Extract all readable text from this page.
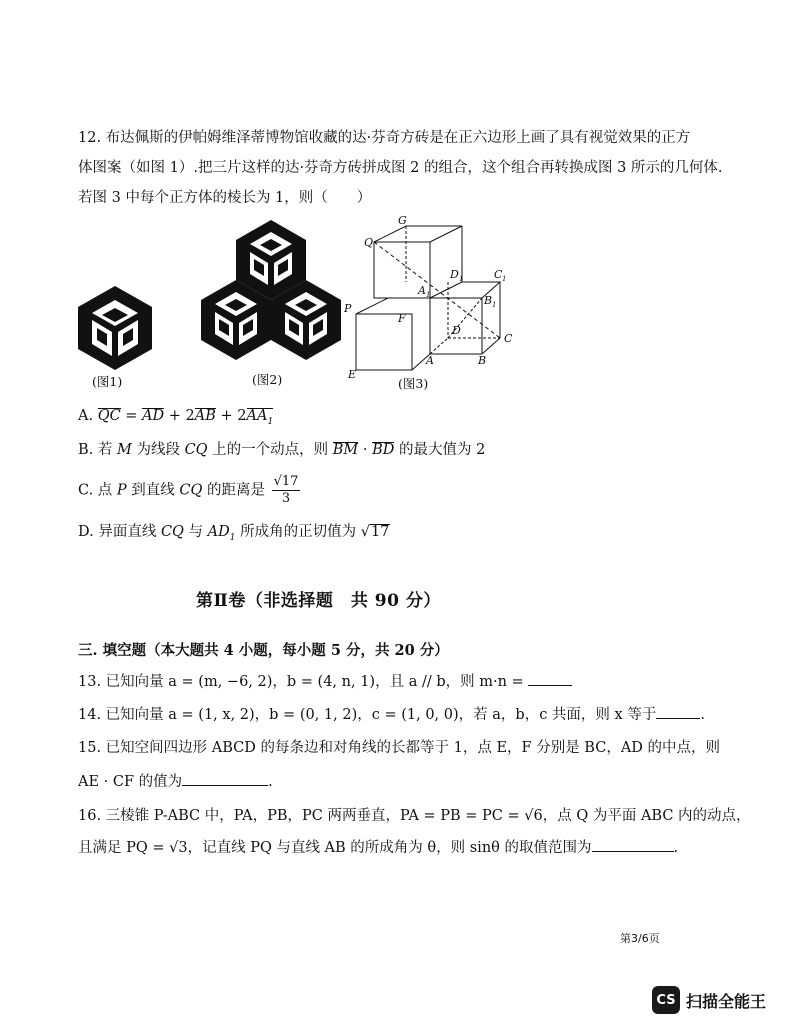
12. 布达佩斯的伊帕姆维泽蒂博物馆收藏的达·芬奇方砖是在正六边形上画了具有视觉效果的正方
体图案（如图 1）.把三片这样的达·芬奇方砖拼成图 2 的组合，这个组合再转换成图 3 所示的几何体.
若图 3 中每个正方体的棱长为 1，则（　　）
(图1)	(图2)
G
Q
D 1	C 1
A 1	B 1
P
F
D
C
A	B
E
(图3)
A. QC = AD + $2AB + 2AA_1$
B. 若 M 为线段 CQ 上的一个动点，则 BM · BD 的最大值为 2
C. 点 P 到直线 CQ 的距离是 $\frac{√17}{3}$
D. 异面直线 CQ 与 $AD_1$ 所成角的正切值为 √17
第Ⅱ卷（非选择题　共 90 分）
三. 填空题（本大题共 4 小题，每小题 5 分，共 20 分）
13. 已知向量 a = (m, −6, 2)，b = (4, n, 1)，且 a // b，则 m·n =
14. 已知向量 a = (1, x, 2)，b = (0, 1, 2)，c = (1, 0, 0)，若 a，b，c 共面，则 x 等于	.
15. 已知空间四边形 ABCD 的每条边和对角线的长都等于 1，点 E，F 分别是 BC，AD 的中点，则
AE · CF 的值为	.
16. 三棱锥 P-ABC 中，PA，PB，PC 两两垂直，PA = PB = PC = √6，点 Q 为平面 ABC 内的动点，
且满足 PQ = √3，记直线 PQ 与直线 AB 的所成角为 θ，则 sinθ 的取值范围为	.
第3/6页
CS 扫描全能王
